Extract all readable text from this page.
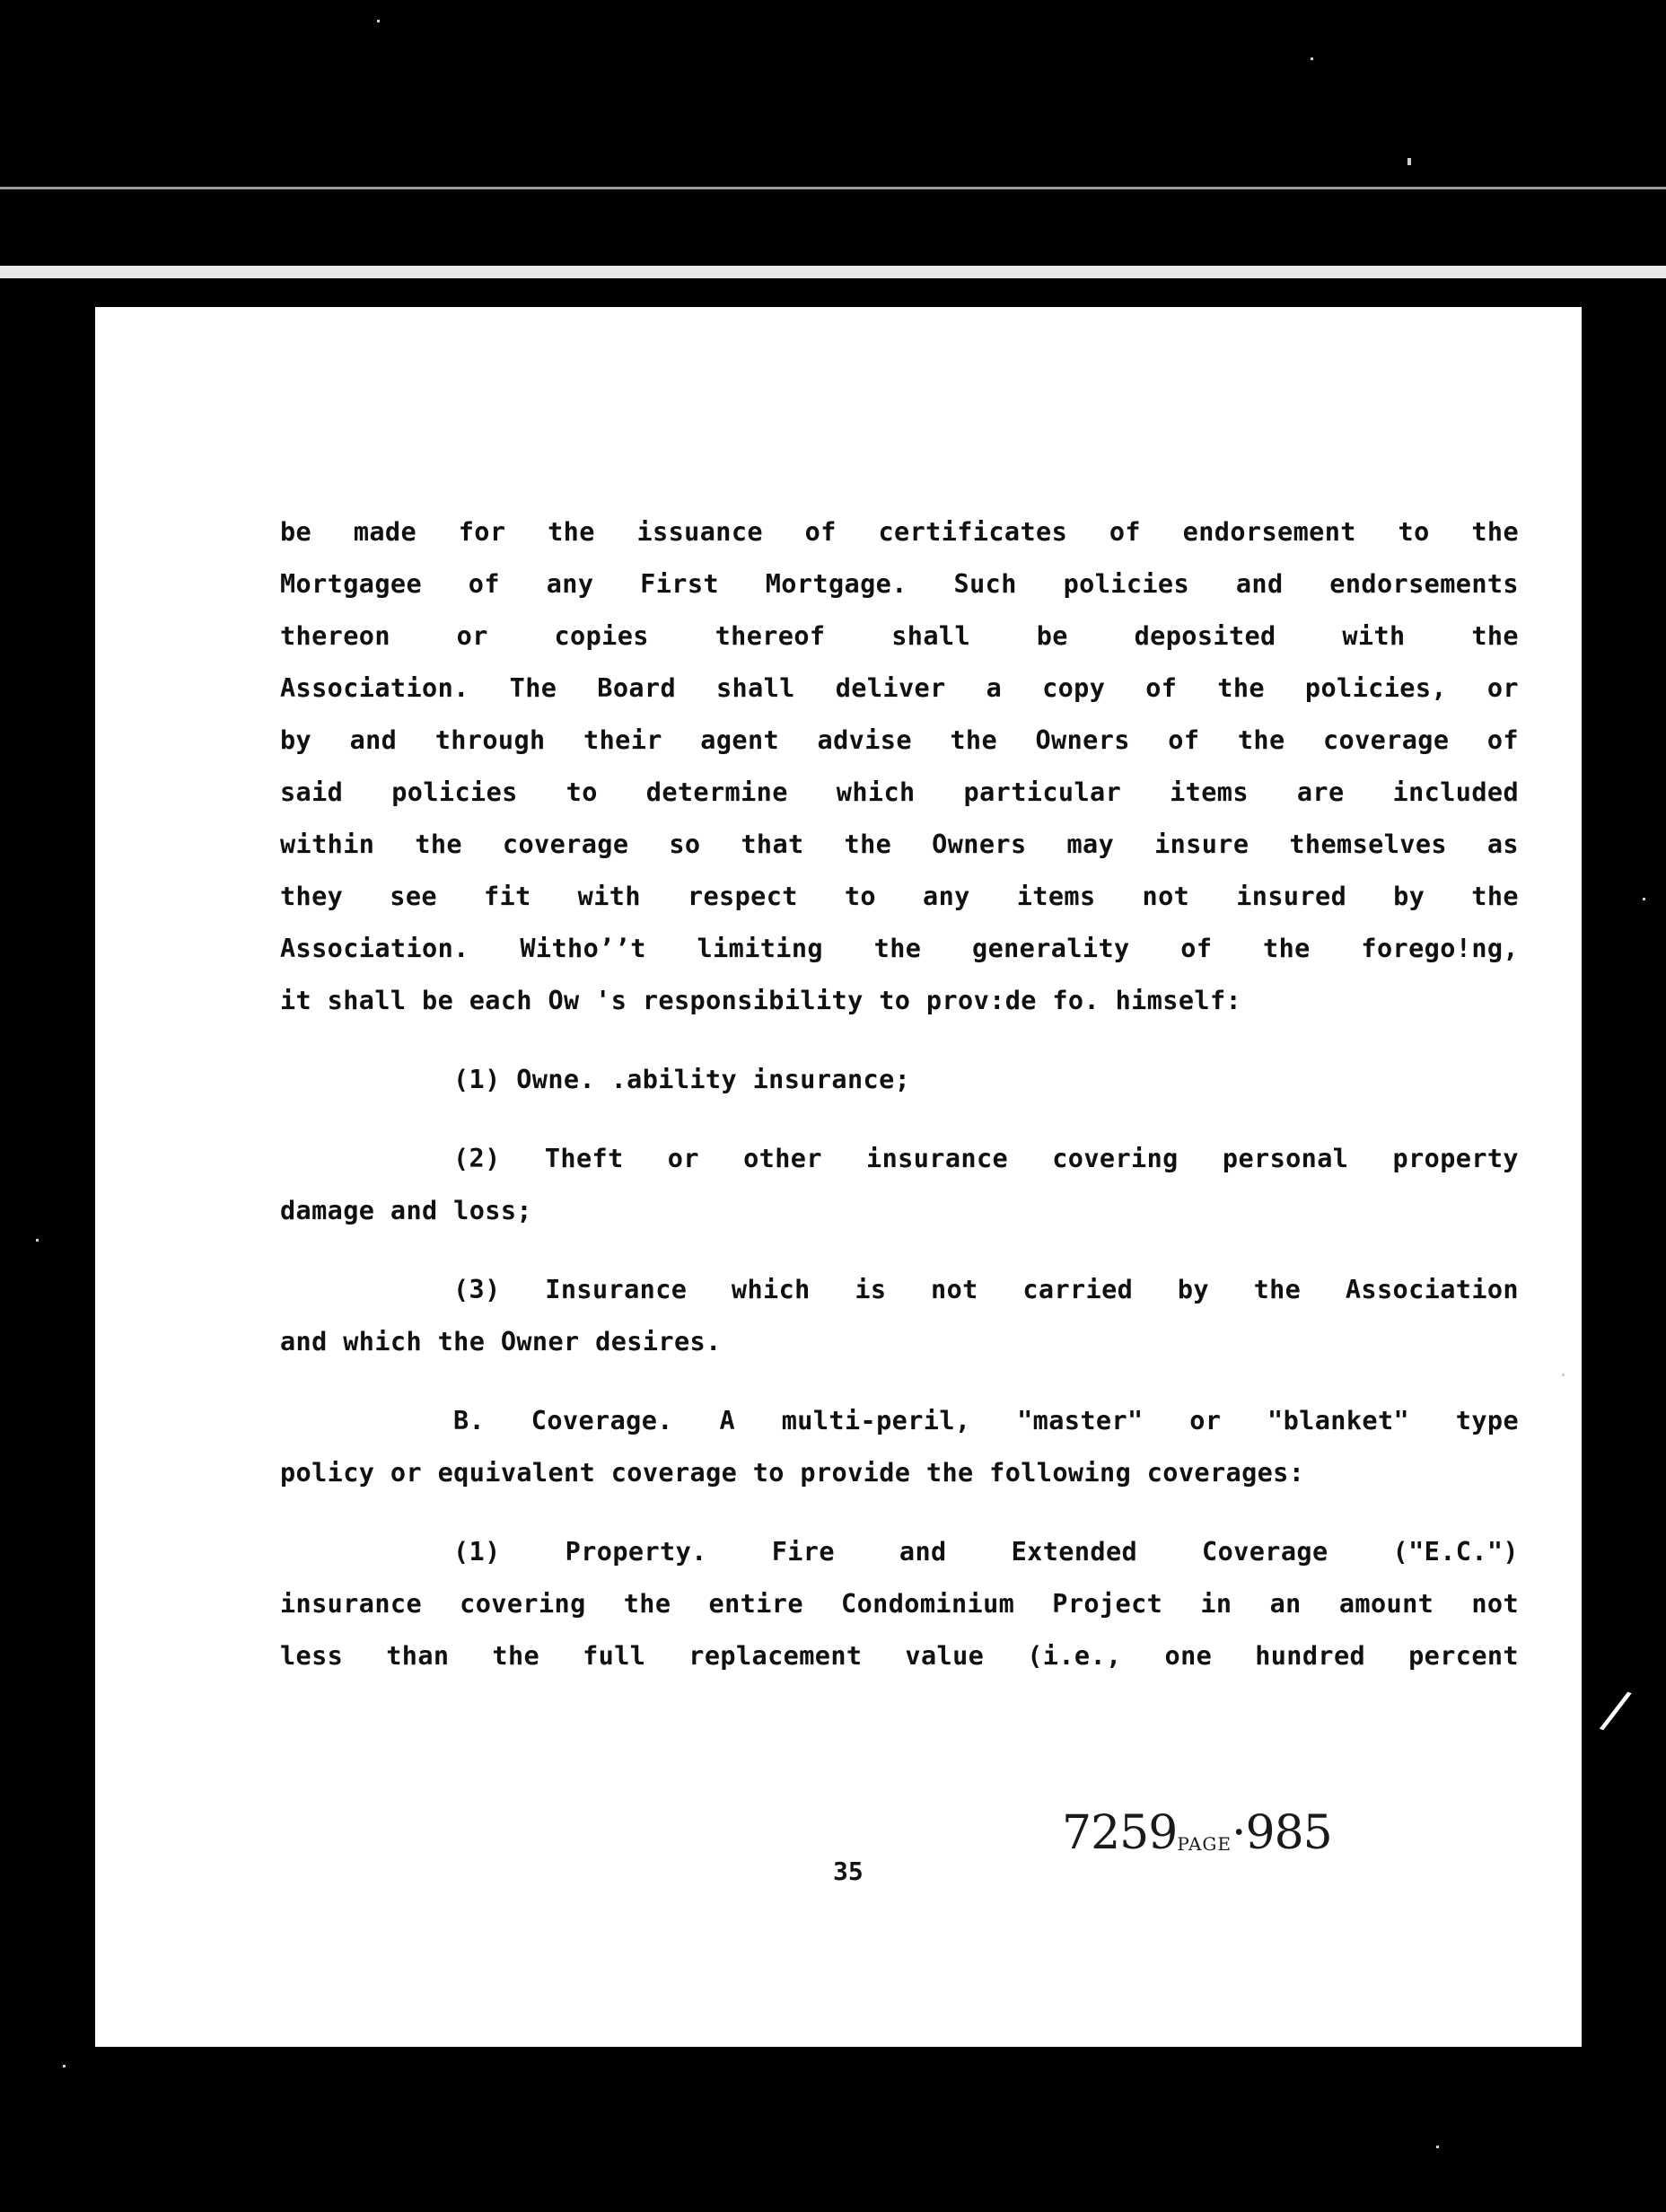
be made for the issuance of certificates of endorsement to the
Mortgagee of any First Mortgage. Such policies and endorsements
thereon or copies thereof shall be deposited with the
Association. The Board shall deliver a copy of the policies, or
by and through their agent advise the Owners of the coverage of
said policies to determine which particular items are included
within the coverage so that the Owners may insure themselves as
they see fit with respect to any items not insured by the
Association. Withoʼʼt limiting the generality of the forego!ng,
it shall be each Ow 's responsibility to prov:de fo. himself:

(1) Owne. .ability insurance;

(2) Theft or other insurance covering personal property
damage and loss;

(3) Insurance which is not carried by the Association
and which the Owner desires.

B. Coverage. A multi-peril, "master" or "blanket" type
policy or equivalent coverage to provide the following coverages:

(1) Property. Fire and Extended Coverage ("E.C.")
insurance covering the entire Condominium Project in an amount not
less than the full replacement value (i.e., one hundred percent

7259PAGE·985
35
(
(
/
